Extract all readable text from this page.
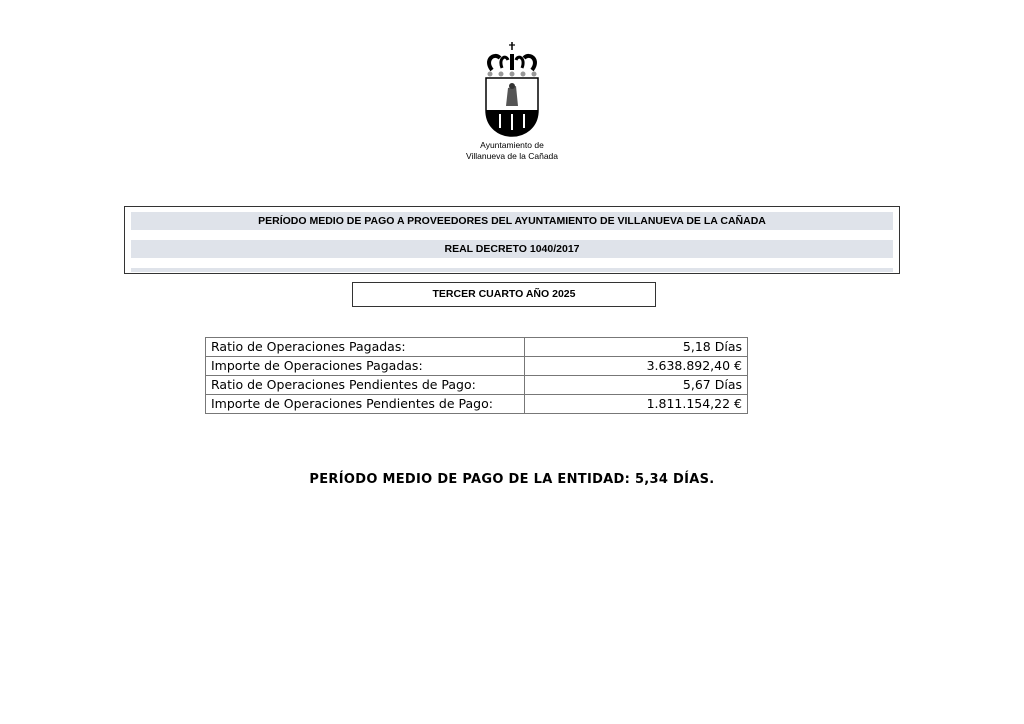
Ayuntamiento de
Villanueva de la Cañada
PERÍODO MEDIO DE PAGO A PROVEEDORES DEL AYUNTAMIENTO DE VILLANUEVA DE LA CAÑADA
REAL DECRETO 1040/2017
TERCER CUARTO AÑO 2025
Ratio de Operaciones Pagadas:	5,18 Días
Importe de Operaciones Pagadas:	3.638.892,40 €
Ratio de Operaciones Pendientes de Pago:	5,67 Días
Importe de Operaciones Pendientes de Pago:	1.811.154,22 €
PERÍODO MEDIO DE PAGO DE LA ENTIDAD: 5,34 DÍAS.
